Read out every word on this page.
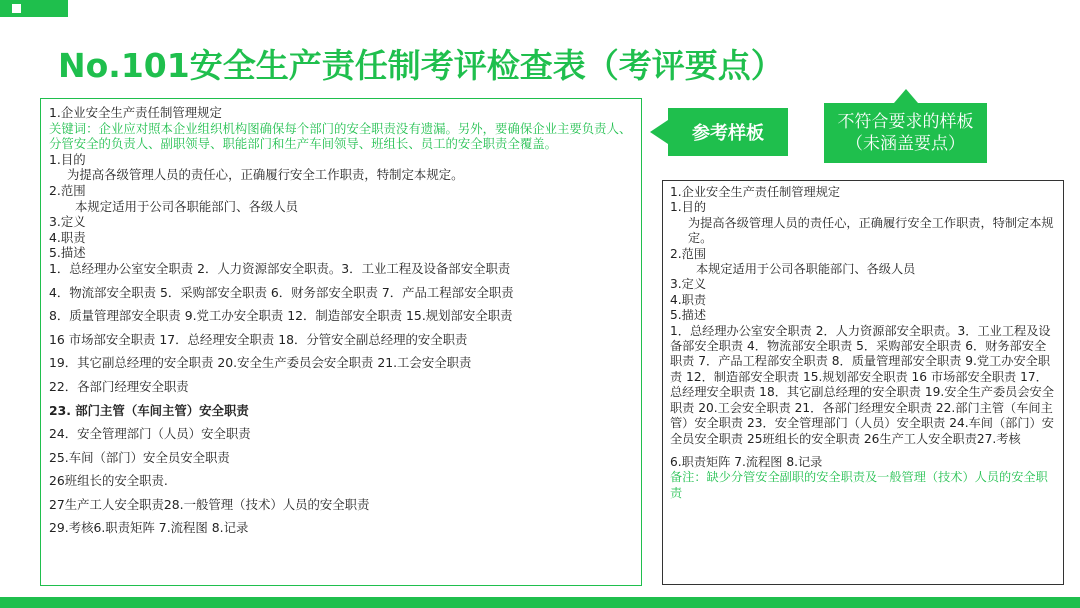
No.101安全生产责任制考评检查表（考评要点）
1.企业安全生产责任制管理规定
关键词：企业应对照本企业组织机构图确保每个部门的安全职责没有遗漏。另外，要确保企业主要负责人、分管安全的负责人、副职领导、职能部门和生产车间领导、班组长、员工的安全职责全覆盖。
1.目的
为提高各级管理人员的责任心，正确履行安全工作职责，特制定本规定。
2.范围
本规定适用于公司各职能部门、各级人员
3.定义
4.职责
5.描述
1．总经理办公室安全职责 2．人力资源部安全职责。3．工业工程及设备部安全职责
4．物流部安全职责 5．采购部安全职责 6．财务部安全职责 7．产品工程部安全职责
8．质量管理部安全职责 9.党工办安全职责 12．制造部安全职责 15.规划部安全职责
16 市场部安全职责 17．总经理安全职责 18．分管安全副总经理的安全职责
19．其它副总经理的安全职责 20.安全生产委员会安全职责 21.工会安全职责
22．各部门经理安全职责
23. 部门主管（车间主管）安全职责
24．安全管理部门（人员）安全职责
25.车间（部门）安全员安全职责
26班组长的安全职责.
27生产工人安全职责28.一般管理（技术）人员的安全职责
29.考核6.职责矩阵 7.流程图 8.记录
参考样板
不符合要求的样板
（未涵盖要点）
1.企业安全生产责任制管理规定
1.目的
为提高各级管理人员的责任心，正确履行安全工作职责，特制定本规定。
2.范围
本规定适用于公司各职能部门、各级人员
3.定义
4.职责
5.描述
1．总经理办公室安全职责 2．人力资源部安全职责。3．工业工程及设备部安全职责 4．物流部安全职责 5．采购部安全职责 6．财务部安全职责 7．产品工程部安全职责 8．质量管理部安全职责 9.党工办安全职责 12．制造部安全职责 15.规划部安全职责 16 市场部安全职责 17．总经理安全职责 18．其它副总经理的安全职责 19.安全生产委员会安全职责 20.工会安全职责 21．各部门经理安全职责 22.部门主管（车间主管）安全职责 23．安全管理部门（人员）安全职责 24.车间（部门）安全员安全职责 25班组长的安全职责 26生产工人安全职责27.考核
6.职责矩阵 7.流程图 8.记录
备注：缺少分管安全副职的安全职责及一般管理（技术）人员的安全职责
